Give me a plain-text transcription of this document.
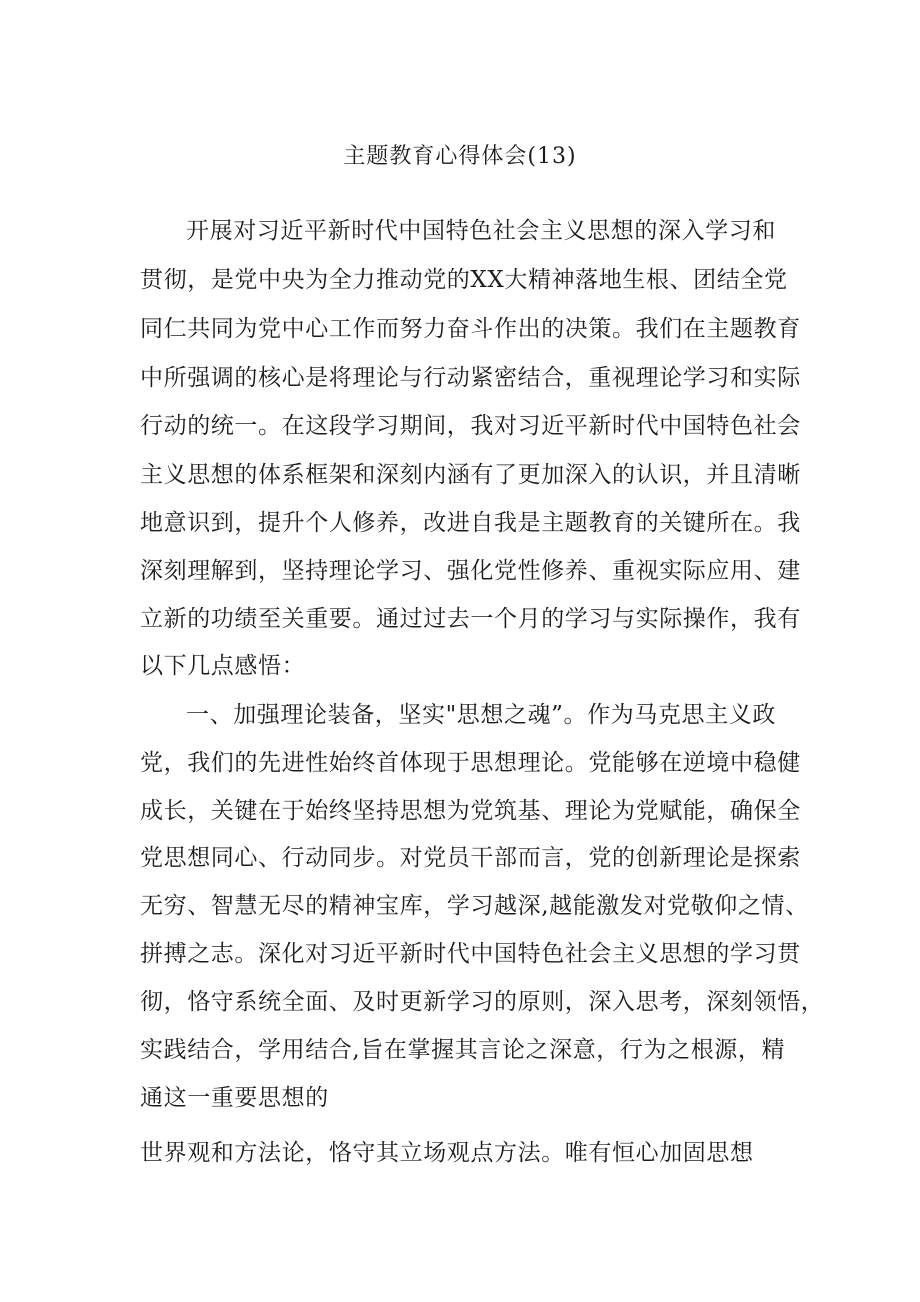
主题教育心得体会(13)
开展对习近平新时代中国特色社会主义思想的深入学习和
贯彻，是党中央为全力推动党的XX大精神落地生根、团结全党
同仁共同为党中心工作而努力奋斗作出的决策。我们在主题教育
中所强调的核心是将理论与行动紧密结合，重视理论学习和实际
行动的统一。在这段学习期间，我对习近平新时代中国特色社会
主义思想的体系框架和深刻内涵有了更加深入的认识，并且清晰
地意识到，提升个人修养，改进自我是主题教育的关键所在。我
深刻理解到，坚持理论学习、强化党性修养、重视实际应用、建
立新的功绩至关重要。通过过去一个月的学习与实际操作，我有
以下几点感悟：
一、加强理论装备，坚实"思想之魂”。作为马克思主义政
党，我们的先进性始终首体现于思想理论。党能够在逆境中稳健
成长，关键在于始终坚持思想为党筑基、理论为党赋能，确保全
党思想同心、行动同步。对党员干部而言，党的创新理论是探索
无穷、智慧无尽的精神宝库，学习越深,越能激发对党敬仰之情、
拼搏之志。深化对习近平新时代中国特色社会主义思想的学习贯
彻，恪守系统全面、及时更新学习的原则，深入思考，深刻领悟，
实践结合，学用结合,旨在掌握其言论之深意，行为之根源，精
通这一重要思想的
世界观和方法论，恪守其立场观点方法。唯有恒心加固思想
